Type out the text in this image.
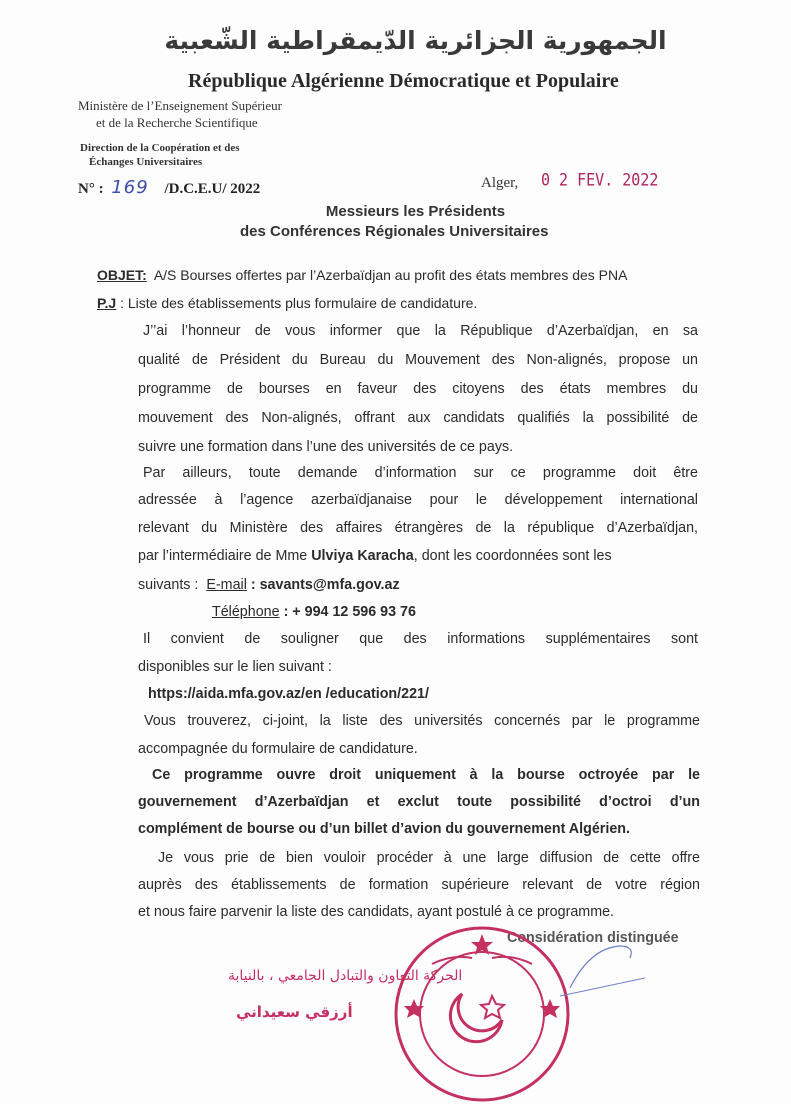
الجمهورية الجزائرية الدّيمقراطية الشّعبية
République Algérienne Démocratique et Populaire
Ministère de l’Enseignement Supérieur
et de la Recherche Scientifique
Direction de la Coopération et des
Échanges Universitaires
N° : 169 /D.C.E.U/ 2022	Alger, 0 2 FEV. 2022
Messieurs les Présidents
des Conférences Régionales Universitaires
OBJET: A/S Bourses offertes par l’Azerbaïdjan au profit des états membres des PNA
P.J : Liste des établissements plus formulaire de candidature.
J’’ai l’honneur de vous informer que la République d’Azerbaïdjan, en sa
qualité de Président du Bureau du Mouvement des Non-alignés, propose un
programme de bourses en faveur des citoyens des états membres du
mouvement des Non-alignés, offrant aux candidats qualifiés la possibilité de
suivre une formation dans l’une des universités de ce pays.
Par ailleurs, toute demande d’information sur ce programme doit être
adressée à l’agence azerbaïdjanaise pour le développement international
relevant du Ministère des affaires étrangères de la république d’Azerbaïdjan,
par l’intermédiaire de Mme Ulviya Karacha, dont les coordonnées sont les
suivants : E-mail : savants@mfa.gov.az
Téléphone : + 994 12 596 93 76
Il convient de souligner que des informations supplémentaires sont
disponibles sur le lien suivant :
https://aida.mfa.gov.az/en /education/221/
Vous trouverez, ci-joint, la liste des universités concernés par le programme
accompagnée du formulaire de candidature.
Ce programme ouvre droit uniquement à la bourse octroyée par le
gouvernement d’Azerbaïdjan et exclut toute possibilité d’octroi d’un
complément de bourse ou d’un billet d’avion du gouvernement Algérien.
Je vous prie de bien vouloir procéder à une large diffusion de cette offre
auprès des établissements de formation supérieure relevant de votre région
et nous faire parvenir la liste des candidats, ayant postulé à ce programme.
Considération distinguée
الحركة التعاون والتبادل الجامعي ، بالنيابة
أرزقي سعيداني
